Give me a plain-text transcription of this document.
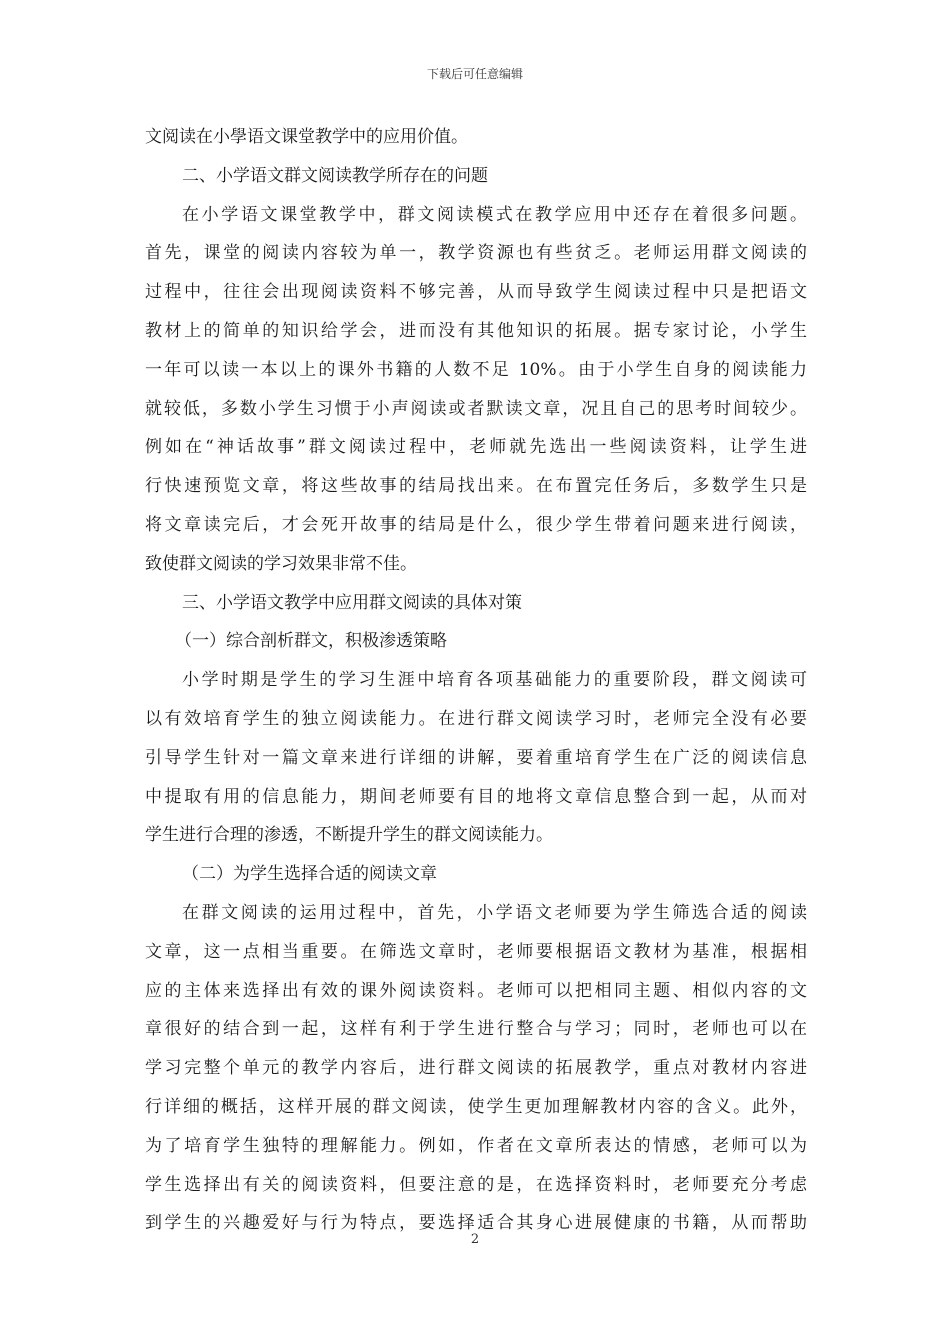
下载后可任意编辑
文阅读在小學语文课堂教学中的应用价值。
二、小学语文群文阅读教学所存在的问题
在小学语文课堂教学中，群文阅读模式在教学应用中还存在着很多问题。
首先，课堂的阅读内容较为单一，教学资源也有些贫乏。老师运用群文阅读的
过程中，往往会出现阅读资料不够完善，从而导致学生阅读过程中只是把语文
教材上的简单的知识给学会，进而没有其他知识的拓展。据专家讨论，小学生
一年可以读一本以上的课外书籍的人数不足 10%。由于小学生自身的阅读能力
就较低，多数小学生习惯于小声阅读或者默读文章，况且自己的思考时间较少。
例如在“神话故事”群文阅读过程中，老师就先选出一些阅读资料，让学生进
行快速预览文章，将这些故事的结局找出来。在布置完任务后，多数学生只是
将文章读完后，才会死开故事的结局是什么，很少学生带着问题来进行阅读，
致使群文阅读的学习效果非常不佳。
三、小学语文教学中应用群文阅读的具体对策
（一）综合剖析群文，积极渗透策略
小学时期是学生的学习生涯中培育各项基础能力的重要阶段，群文阅读可
以有效培育学生的独立阅读能力。在进行群文阅读学习时，老师完全没有必要
引导学生针对一篇文章来进行详细的讲解，要着重培育学生在广泛的阅读信息
中提取有用的信息能力，期间老师要有目的地将文章信息整合到一起，从而对
学生进行合理的渗透，不断提升学生的群文阅读能力。
（二）为学生选择合适的阅读文章
在群文阅读的运用过程中，首先，小学语文老师要为学生筛选合适的阅读
文章，这一点相当重要。在筛选文章时，老师要根据语文教材为基准，根据相
应的主体来选择出有效的课外阅读资料。老师可以把相同主题、相似内容的文
章很好的结合到一起，这样有利于学生进行整合与学习；同时，老师也可以在
学习完整个单元的教学内容后，进行群文阅读的拓展教学，重点对教材内容进
行详细的概括，这样开展的群文阅读，使学生更加理解教材内容的含义。此外，
为了培育学生独特的理解能力。例如，作者在文章所表达的情感，老师可以为
学生选择出有关的阅读资料，但要注意的是，在选择资料时，老师要充分考虑
到学生的兴趣爱好与行为特点，要选择适合其身心进展健康的书籍，从而帮助
2
